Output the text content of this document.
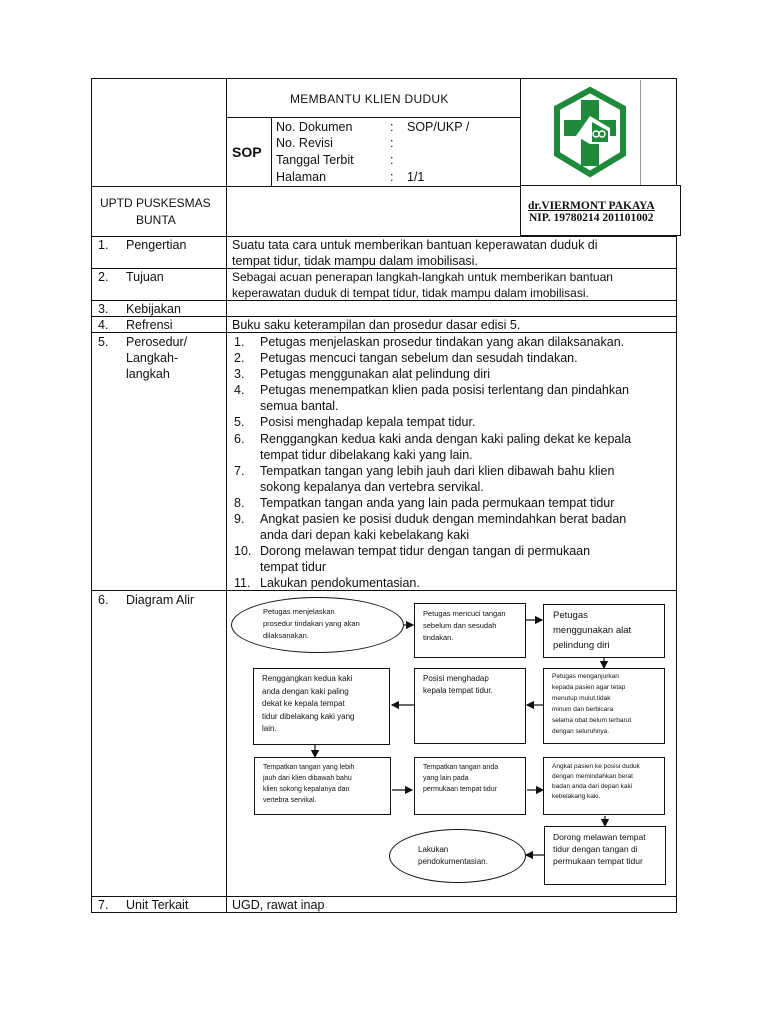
MEMBANTU KLIEN DUDUK
SOP
No. Dokumen	: SOP/UKP /
No. Revisi	:
Tanggal Terbit	:
Halaman	: 1/1
UPTD PUSKESMAS
BUNTA
dr.VIERMONT PAKAYA
NIP. 19780214 201101002
1. Pengertian	Suatu tata cara untuk memberikan bantuan keperawatan duduk di
tempat tidur, tidak mampu dalam imobilisasi.
2. Tujuan	Sebagai acuan penerapan langkah-langkah untuk memberikan bantuan
keperawatan duduk di tempat tidur, tidak mampu dalam imobilisasi.
3. Kebijakan
4. Refrensi	Buku saku keterampilan dan prosedur dasar edisi 5.
5. Perosedur/
Langkah-
langkah
1. Petugas menjelaskan prosedur tindakan yang akan dilaksanakan.
2. Petugas mencuci tangan sebelum dan sesudah tindakan.
3. Petugas menggunakan alat pelindung diri
4. Petugas menempatkan klien pada posisi terlentang dan pindahkan
semua bantal.
5. Posisi menghadap kepala tempat tidur.
6. Renggangkan kedua kaki anda dengan kaki paling dekat ke kepala
tempat tidur dibelakang kaki yang lain.
7. Tempatkan tangan yang lebih jauh dari klien dibawah bahu klien
sokong kepalanya dan vertebra servikal.
8. Tempatkan tangan anda yang lain pada permukaan tempat tidur
9. Angkat pasien ke posisi duduk dengan memindahkan berat badan
anda dari depan kaki kebelakang kaki
10. Dorong melawan tempat tidur dengan tangan di permukaan
tempat tidur
11. Lakukan pendokumentasian.
6. Diagram Alir
Petugas menjelaskan
prosedur tindakan yang akan
dilaksanakan.
Petugas mencuci tangan
sebelum dan sesudah
tindakan.
Petugas
menggunakan alat
pelindung diri
Petugas menganjurkan
kepada pasien agar tetap
menutup mulut,tidak
minum dan berbicara
selama obat belum terbarut
dengan seluruhnya.
Posisi menghadap
kepala tempat tidur.
Renggangkan kedua kaki
anda dengan kaki paling
dekat ke kepala tempat
tidur dibelakang kaki yang
lain.
Tempatkan tangan yang lebih
jauh dari klien dibawah bahu
klien sokong kepalanya dan
vertebra servikal.
Tempatkan tangan anda
yang lain pada
permukaan tempat tidur
Angkat pasien ke posisi duduk
dengan memindahkan berat
badan anda dari depan kaki
kebelakang kaki.
Dorong melawan tempat
tidur dengan tangan di
permukaan tempat tidur
Lakukan
pendokumentasian.
7. Unit Terkait	UGD, rawat inap
